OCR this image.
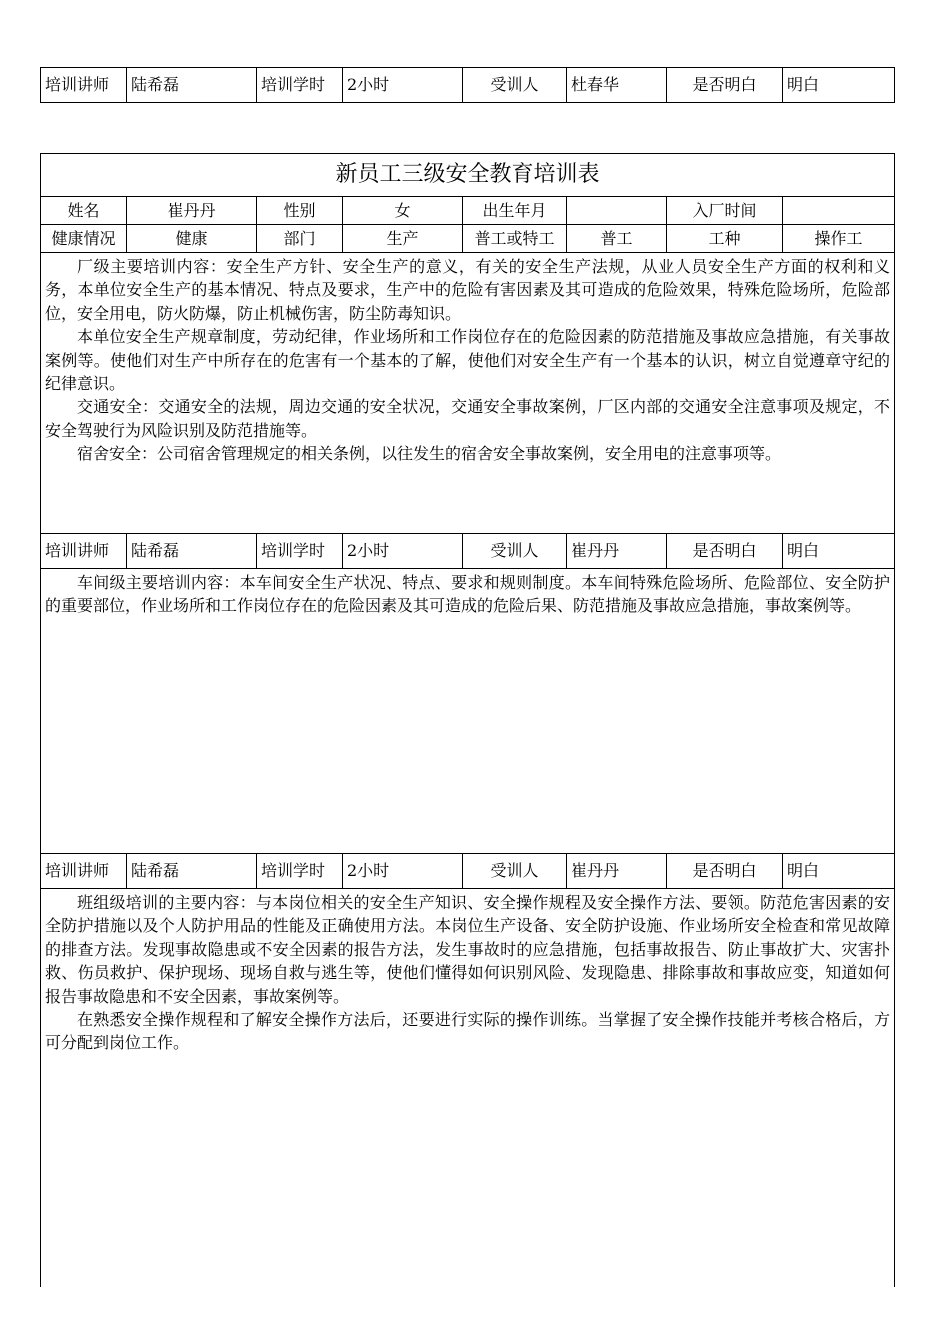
培训讲师	陆希磊	培训学时	2小时	受训人	杜春华	是否明白	明白
新员工三级安全教育培训表							
姓名	崔丹丹	性别	女	出生年月		入厂时间	
健康情况	健康	部门	生产	普工或特工	普工	工种	操作工

厂级主要培训内容：安全生产方针、安全生产的意义，有关的安全生产法规，从业人员安全生产方面的权利和义务，本单位安全生产的基本情况、特点及要求，生产中的危险有害因素及其可造成的危险效果，特殊危险场所，危险部位，安全用电，防火防爆，防止机械伤害，防尘防毒知识。

本单位安全生产规章制度，劳动纪律，作业场所和工作岗位存在的危险因素的防范措施及事故应急措施，有关事故案例等。使他们对生产中所存在的危害有一个基本的了解，使他们对安全生产有一个基本的认识，树立自觉遵章守纪的纪律意识。

交通安全：交通安全的法规，周边交通的安全状况，交通安全事故案例，厂区内部的交通安全注意事项及规定，不安全驾驶行为风险识别及防范措施等。

宿舍安全：公司宿舍管理规定的相关条例，以往发生的宿舍安全事故案例，安全用电的注意事项等。							

培训讲师	陆希磊	培训学时	2小时	受训人	崔丹丹	是否明白	明白

车间级主要培训内容：本车间安全生产状况、特点、要求和规则制度。本车间特殊危险场所、危险部位、安全防护的重要部位，作业场所和工作岗位存在的危险因素及其可造成的危险后果、防范措施及事故应急措施，事故案例等。							

培训讲师	陆希磊	培训学时	2小时	受训人	崔丹丹	是否明白	明白

班组级培训的主要内容：与本岗位相关的安全生产知识、安全操作规程及安全操作方法、要领。防范危害因素的安全防护措施以及个人防护用品的性能及正确使用方法。本岗位生产设备、安全防护设施、作业场所安全检查和常见故障的排查方法。发现事故隐患或不安全因素的报告方法，发生事故时的应急措施，包括事故报告、防止事故扩大、灾害扑救、伤员救护、保护现场、现场自救与逃生等，使他们懂得如何识别风险、发现隐患、排除事故和事故应变，知道如何报告事故隐患和不安全因素，事故案例等。

在熟悉安全操作规程和了解安全操作方法后，还要进行实际的操作训练。当掌握了安全操作技能并考核合格后，方可分配到岗位工作。							
